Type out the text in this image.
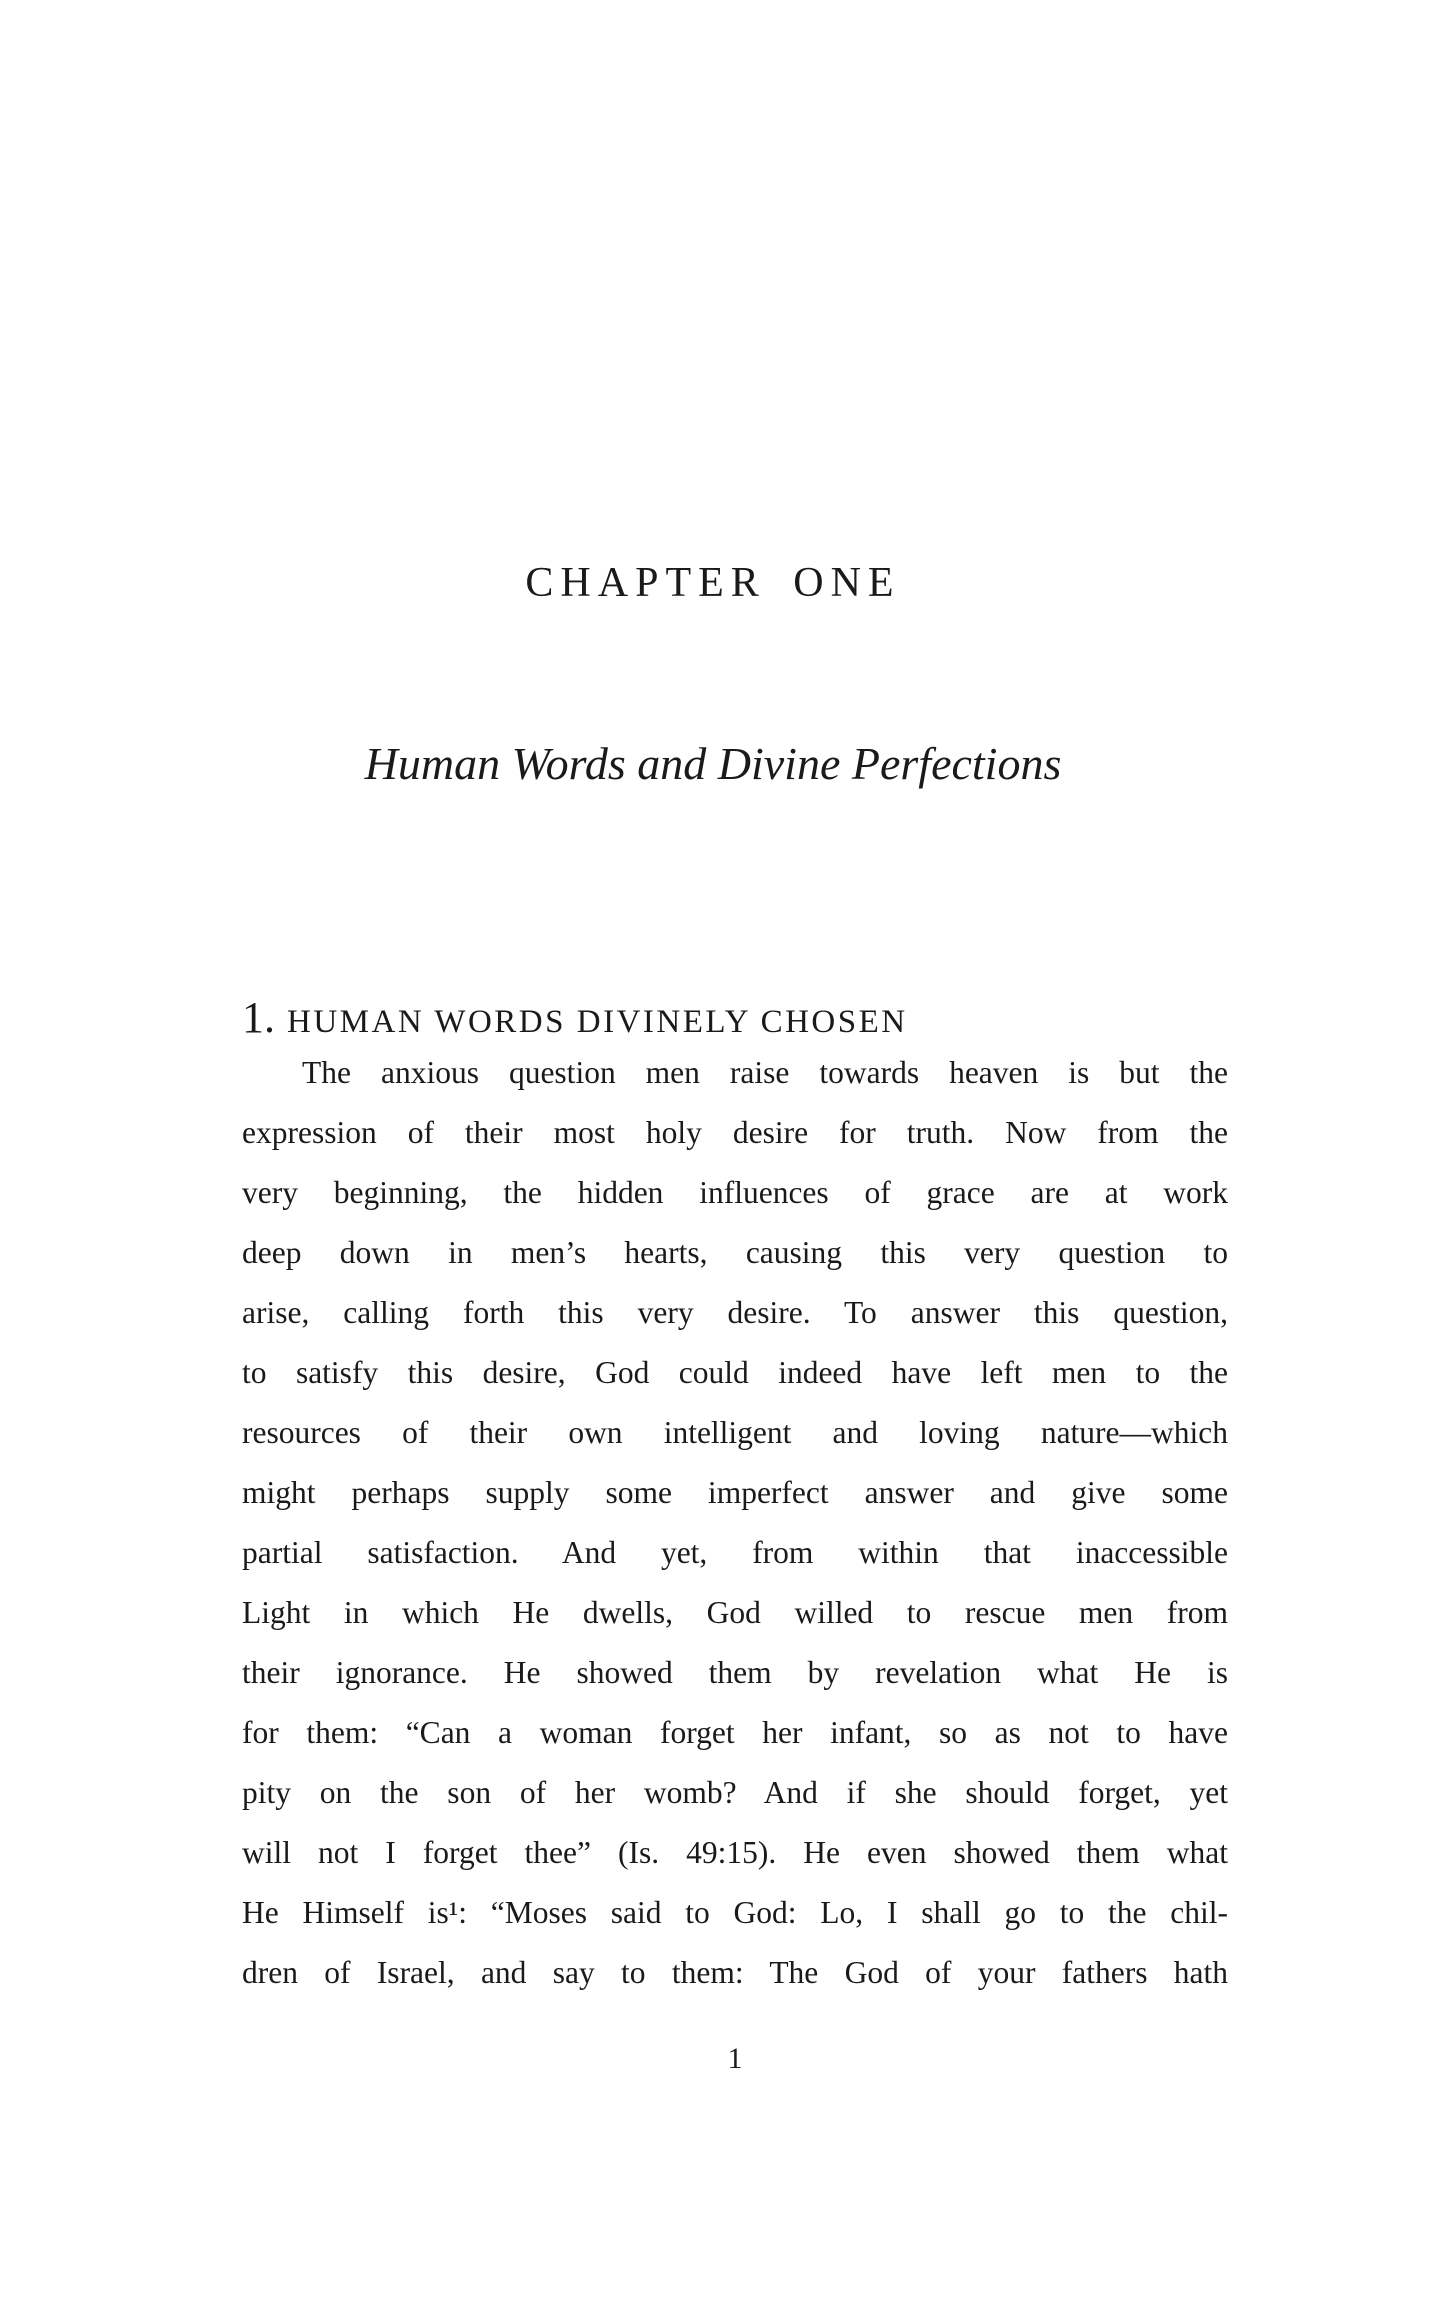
CHAPTER ONE
Human Words and Divine Perfections
1. HUMAN WORDS DIVINELY CHOSEN
The anxious question men raise towards heaven is but the
expression of their most holy desire for truth. Now from the
very beginning, the hidden influences of grace are at work
deep down in men’s hearts, causing this very question to
arise, calling forth this very desire. To answer this question,
to satisfy this desire, God could indeed have left men to the
resources of their own intelligent and loving nature—which
might perhaps supply some imperfect answer and give some
partial satisfaction. And yet, from within that inaccessible
Light in which He dwells, God willed to rescue men from
their ignorance. He showed them by revelation what He is
for them: “Can a woman forget her infant, so as not to have
pity on the son of her womb? And if she should forget, yet
will not I forget thee” (Is. 49:15). He even showed them what
He Himself is¹: “Moses said to God: Lo, I shall go to the chil-
dren of Israel, and say to them: The God of your fathers hath
1
